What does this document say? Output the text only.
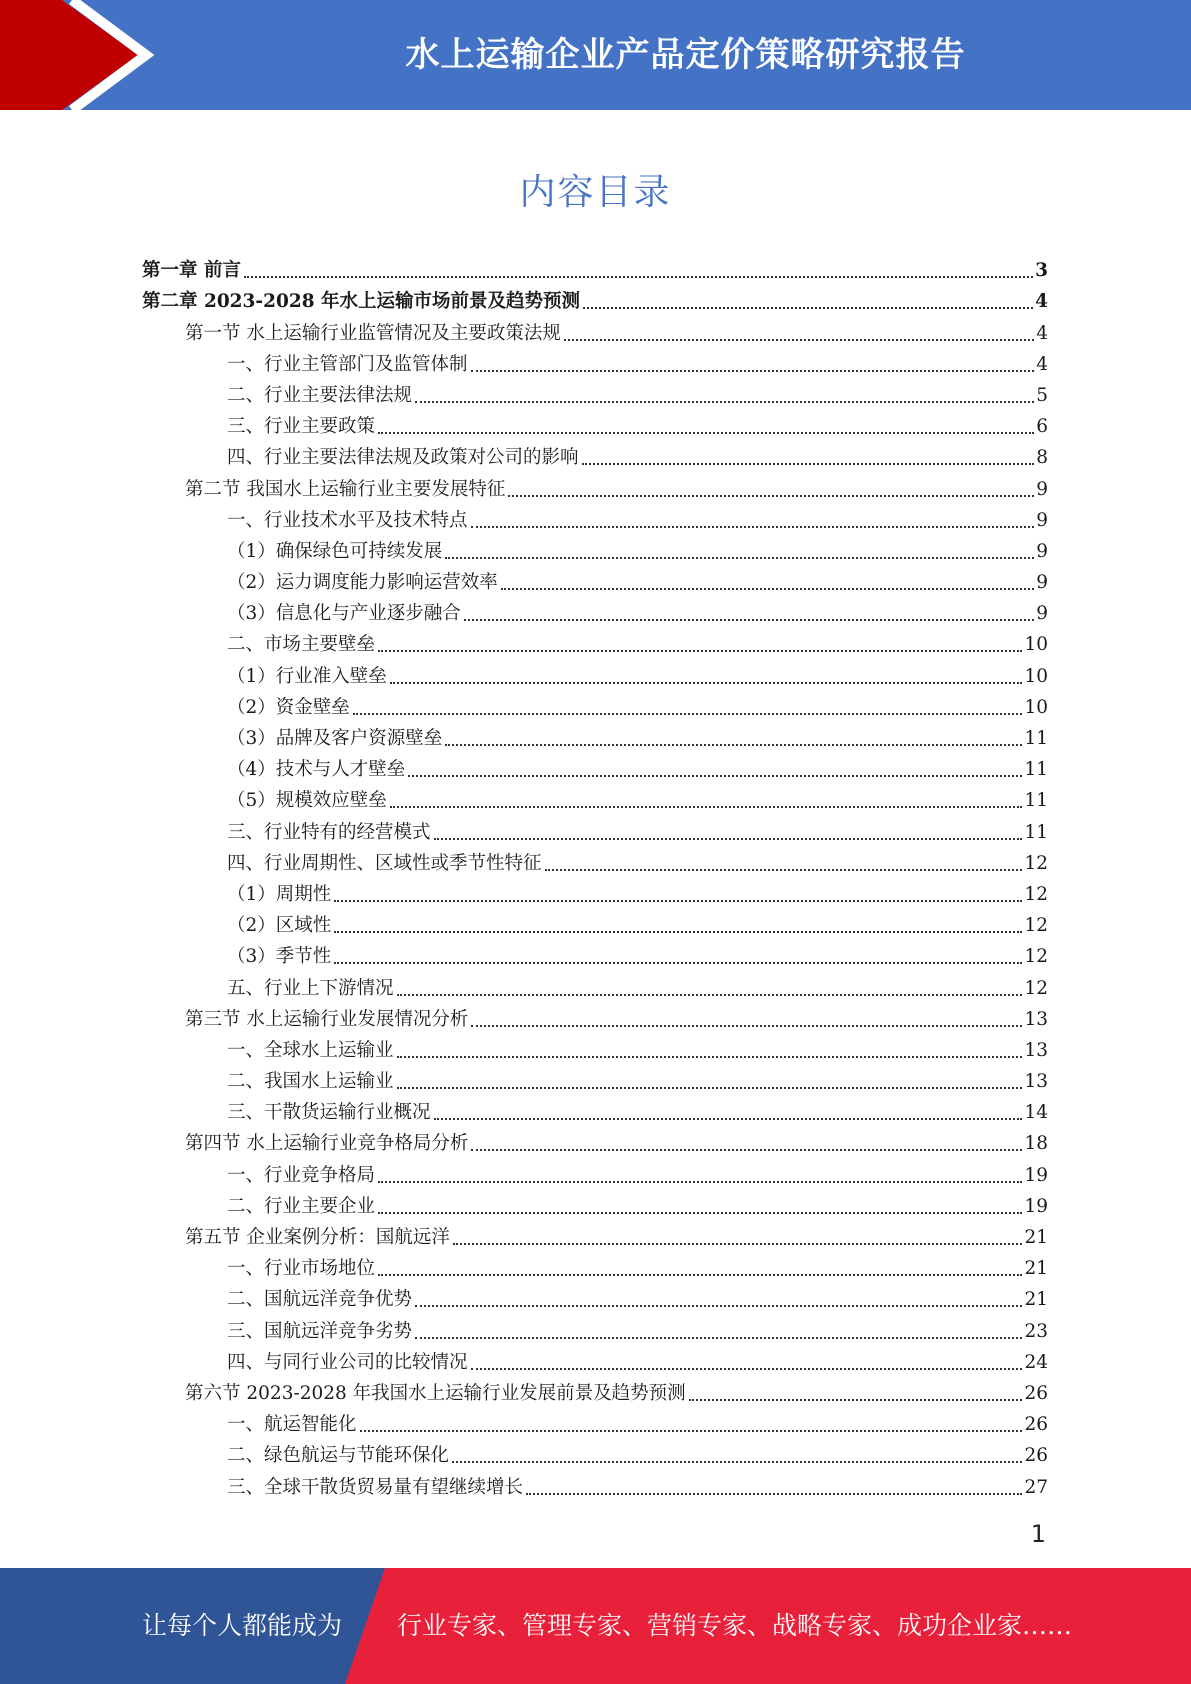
水上运输企业产品定价策略研究报告
内容目录
第一章 前言	3
第二章 2023-2028 年水上运输市场前景及趋势预测	4
第一节 水上运输行业监管情况及主要政策法规	4
一、行业主管部门及监管体制	4
二、行业主要法律法规	5
三、行业主要政策	6
四、行业主要法律法规及政策对公司的影响	8
第二节 我国水上运输行业主要发展特征	9
一、行业技术水平及技术特点	9
（1）确保绿色可持续发展	9
（2）运力调度能力影响运营效率	9
（3）信息化与产业逐步融合	9
二、市场主要壁垒	10
（1）行业准入壁垒	10
（2）资金壁垒	10
（3）品牌及客户资源壁垒	11
（4）技术与人才壁垒	11
（5）规模效应壁垒	11
三、行业特有的经营模式	11
四、行业周期性、区域性或季节性特征	12
（1）周期性	12
（2）区域性	12
（3）季节性	12
五、行业上下游情况	12
第三节 水上运输行业发展情况分析	13
一、全球水上运输业	13
二、我国水上运输业	13
三、干散货运输行业概况	14
第四节 水上运输行业竞争格局分析	18
一、行业竞争格局	19
二、行业主要企业	19
第五节 企业案例分析：国航远洋	21
一、行业市场地位	21
二、国航远洋竞争优势	21
三、国航远洋竞争劣势	23
四、与同行业公司的比较情况	24
第六节 2023-2028 年我国水上运输行业发展前景及趋势预测	26
一、航运智能化	26
二、绿色航运与节能环保化	26
三、全球干散货贸易量有望继续增长	27
1
让每个人都能成为 行业专家、管理专家、营销专家、战略专家、成功企业家……
